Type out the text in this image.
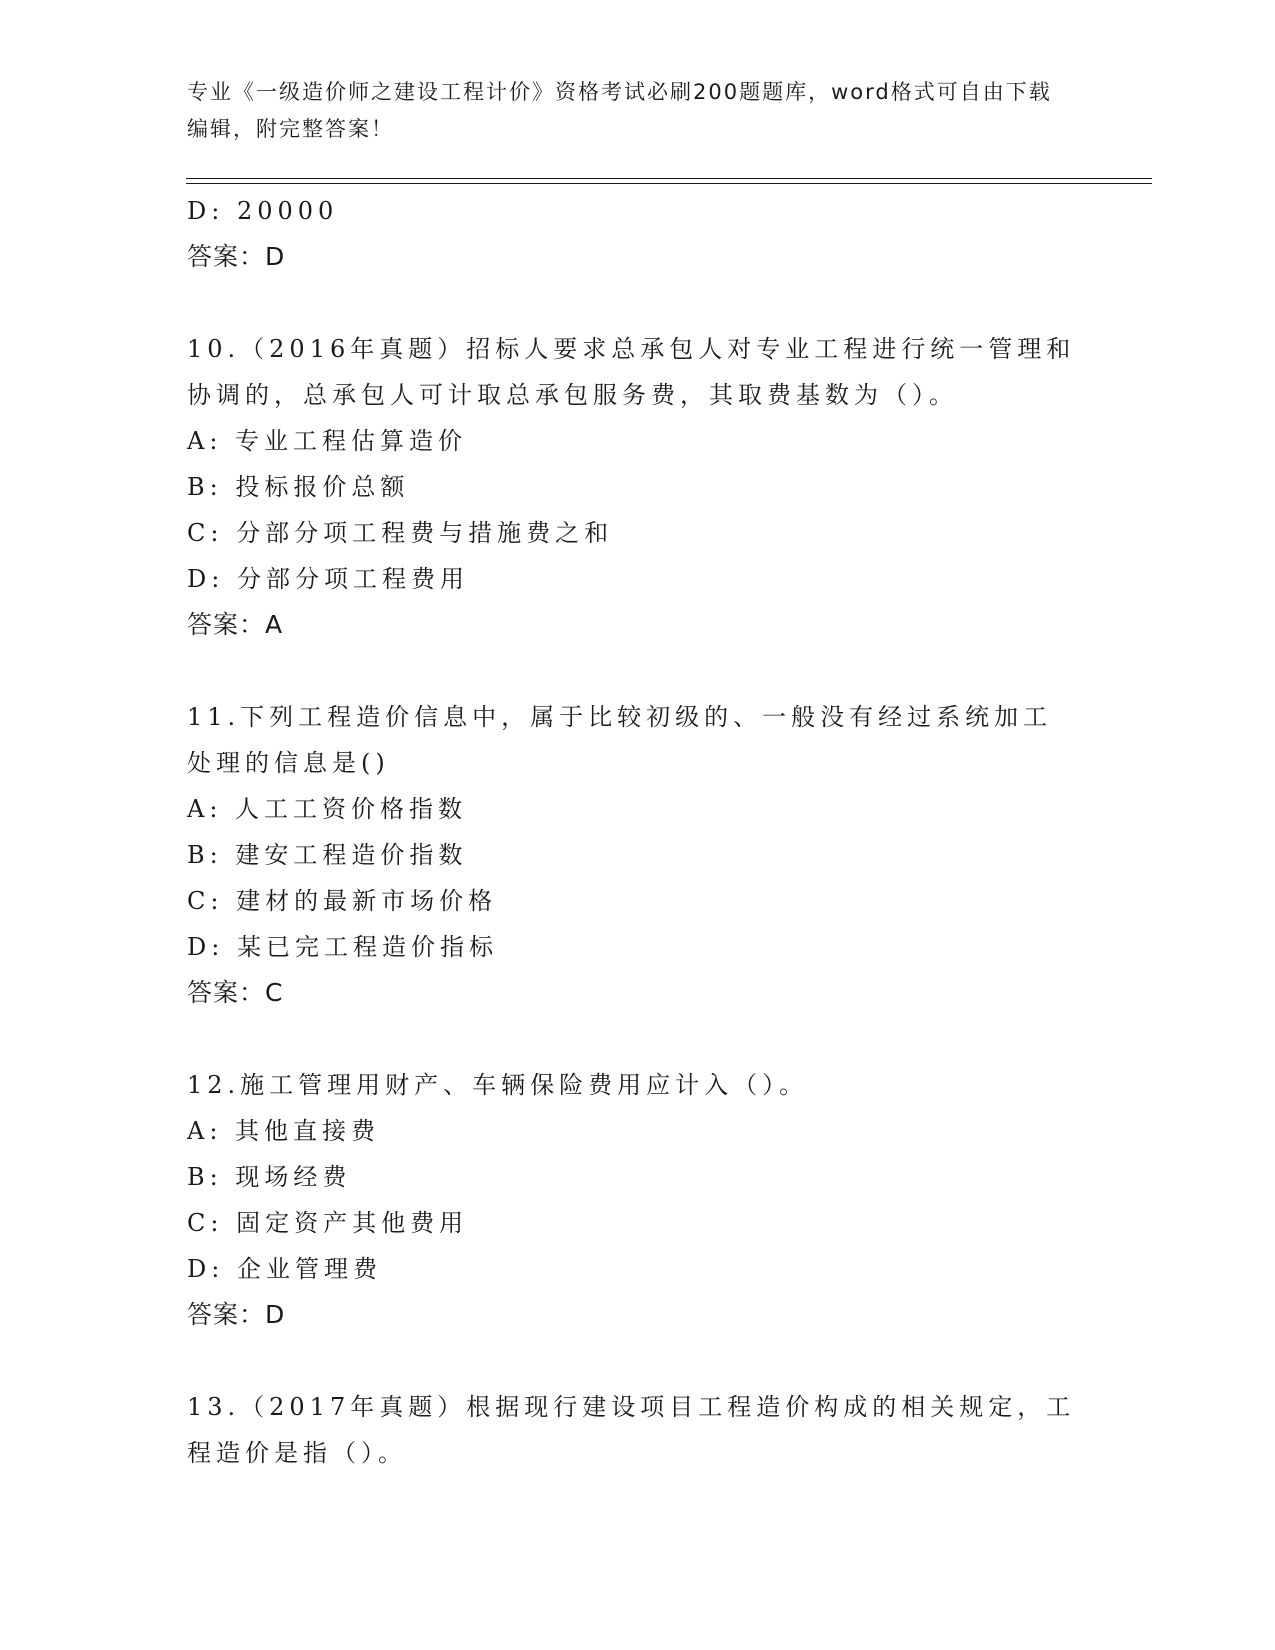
专业《一级造价师之建设工程计价》资格考试必刷200题题库，word格式可自由下载编辑，附完整答案！
D: 20000
答案：D
10.（2016年真题）招标人要求总承包人对专业工程进行统一管理和协调的，总承包人可计取总承包服务费，其取费基数为（）。
A: 专业工程估算造价
B: 投标报价总额
C: 分部分项工程费与措施费之和
D: 分部分项工程费用
答案：A
11.下列工程造价信息中，属于比较初级的、一般没有经过系统加工处理的信息是()
A: 人工工资价格指数
B: 建安工程造价指数
C: 建材的最新市场价格
D: 某已完工程造价指标
答案：C
12.施工管理用财产、车辆保险费用应计入（）。
A: 其他直接费
B: 现场经费
C: 固定资产其他费用
D: 企业管理费
答案：D
13.（2017年真题）根据现行建设项目工程造价构成的相关规定，工程造价是指（）。
